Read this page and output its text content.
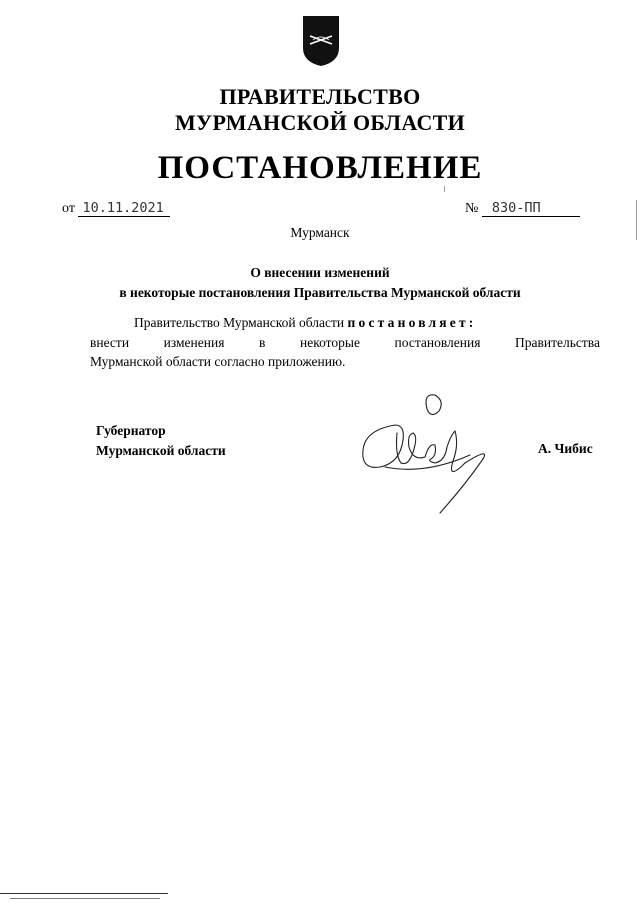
ПРАВИТЕЛЬСТВО
МУРМАНСКОЙ ОБЛАСТИ
ПОСТАНОВЛЕНИЕ
от 10.11.2021	№ 830-ПП
Мурманск
О внесении изменений
в некоторые постановления Правительства Мурманской области
Правительство Мурманской области постановляет:
внести изменения в некоторые постановления Правительства
Мурманской области согласно приложению.
Губернатор
Мурманской области	А. Чибис
